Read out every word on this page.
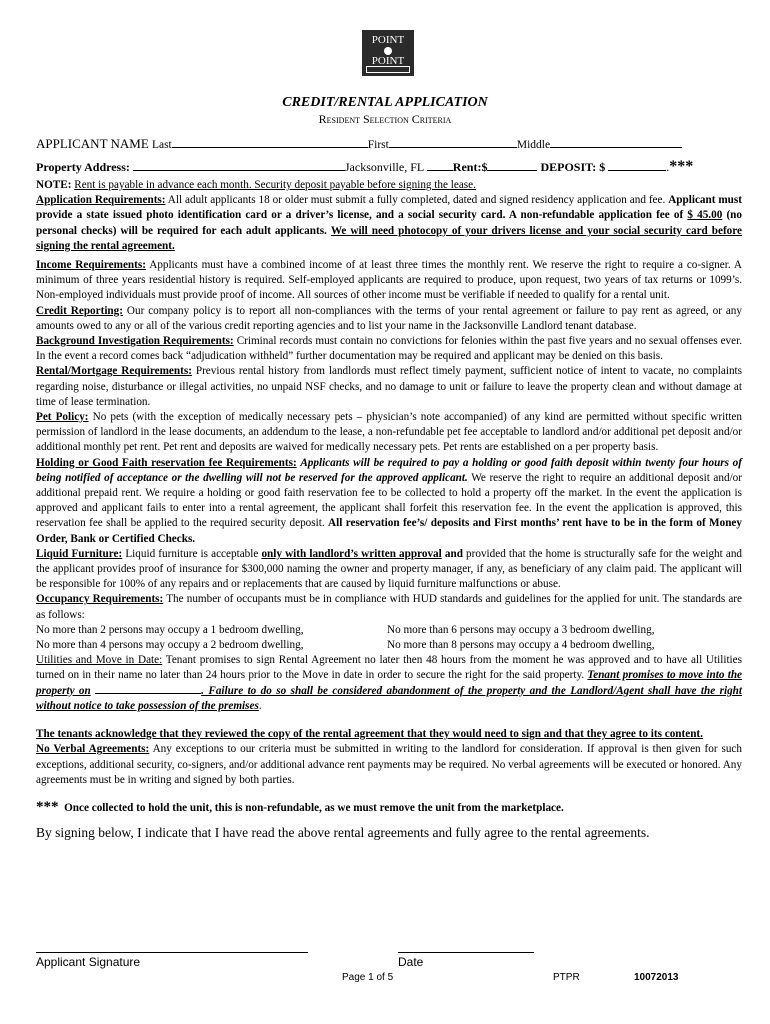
POINT
POINT
CREDIT/RENTAL APPLICATION
Resident Selection Criteria
APPLICANT NAME Last	First	Middle
Property Address:	Jacksonville, FL Rent:$	DEPOSIT: $	.***
NOTE: Rent is payable in advance each month. Security deposit payable before signing the lease.
Application Requirements: All adult applicants 18 or older must submit a fully completed, dated and signed residency application and fee. Applicant must provide a state issued photo identification card or a driver’s license, and a social security card. A non-refundable application fee of $ 45.00 (no personal checks) will be required for each adult applicants. We will need photocopy of your drivers license and your social security card before signing the rental agreement.

Income Requirements: Applicants must have a combined income of at least three times the monthly rent. We reserve the right to require a co-signer. A minimum of three years residential history is required. Self-employed applicants are required to produce, upon request, two years of tax returns or 1099’s. Non-employed individuals must provide proof of income. All sources of other income must be verifiable if needed to qualify for a rental unit.

Credit Reporting: Our company policy is to report all non-compliances with the terms of your rental agreement or failure to pay rent as agreed, or any amounts owed to any or all of the various credit reporting agencies and to list your name in the Jacksonville Landlord tenant database.

Background Investigation Requirements: Criminal records must contain no convictions for felonies within the past five years and no sexual offenses ever. In the event a record comes back “adjudication withheld” further documentation may be required and applicant may be denied on this basis.

Rental/Mortgage Requirements: Previous rental history from landlords must reflect timely payment, sufficient notice of intent to vacate, no complaints regarding noise, disturbance or illegal activities, no unpaid NSF checks, and no damage to unit or failure to leave the property clean and without damage at time of lease termination.

Pet Policy: No pets (with the exception of medically necessary pets – physician’s note accompanied) of any kind are permitted without specific written permission of landlord in the lease documents, an addendum to the lease, a non-refundable pet fee acceptable to landlord and/or additional pet deposit and/or additional monthly pet rent. Pet rent and deposits are waived for medically necessary pets. Pet rents are established on a per property basis.

Holding or Good Faith reservation fee Requirements: Applicants will be required to pay a holding or good faith deposit within twenty four hours of being notified of acceptance or the dwelling will not be reserved for the approved applicant. We reserve the right to require an additional deposit and/or additional prepaid rent. We require a holding or good faith reservation fee to be collected to hold a property off the market. In the event the application is approved and applicant fails to enter into a rental agreement, the applicant shall forfeit this reservation fee. In the event the application is approved, this reservation fee shall be applied to the required security deposit. All reservation fee’s/ deposits and First months’ rent have to be in the form of Money Order, Bank or Certified Checks.

Liquid Furniture: Liquid furniture is acceptable only with landlord’s written approval and provided that the home is structurally safe for the weight and the applicant provides proof of insurance for $300,000 naming the owner and property manager, if any, as beneficiary of any claim paid. The applicant will be responsible for 100% of any repairs and or replacements that are caused by liquid furniture malfunctions or abuse.

Occupancy Requirements: The number of occupants must be in compliance with HUD standards and guidelines for the applied for unit. The standards are as follows:

No more than 2 persons may occupy a 1 bedroom dwelling,	No more than 6 persons may occupy a 3 bedroom dwelling,
No more than 4 persons may occupy a 2 bedroom dwelling,	No more than 8 persons may occupy a 4 bedroom dwelling,

Utilities and Move in Date: Tenant promises to sign Rental Agreement no later then 48 hours from the moment he was approved and to have all Utilities turned on in their name no later than 24 hours prior to the Move in date in order to secure the right for the said property. Tenant promises to move into the property on	. Failure to do so shall be considered abandonment of the property and the Landlord/Agent shall have the right without notice to take possession of the premises.

The tenants acknowledge that they reviewed the copy of the rental agreement that they would need to sign and that they agree to its content.

No Verbal Agreements: Any exceptions to our criteria must be submitted in writing to the landlord for consideration. If approval is then given for such exceptions, additional security, co-signers, and/or additional advance rent payments may be required. No verbal agreements will be executed or honored. Any agreements must be in writing and signed by both parties.

*** Once collected to hold the unit, this is non-refundable, as we must remove the unit from the marketplace.

By signing below, I indicate that I have read the above rental agreements and fully agree to the rental agreements.

Applicant Signature	Date
Page 1 of 5	PTPR	10072013
